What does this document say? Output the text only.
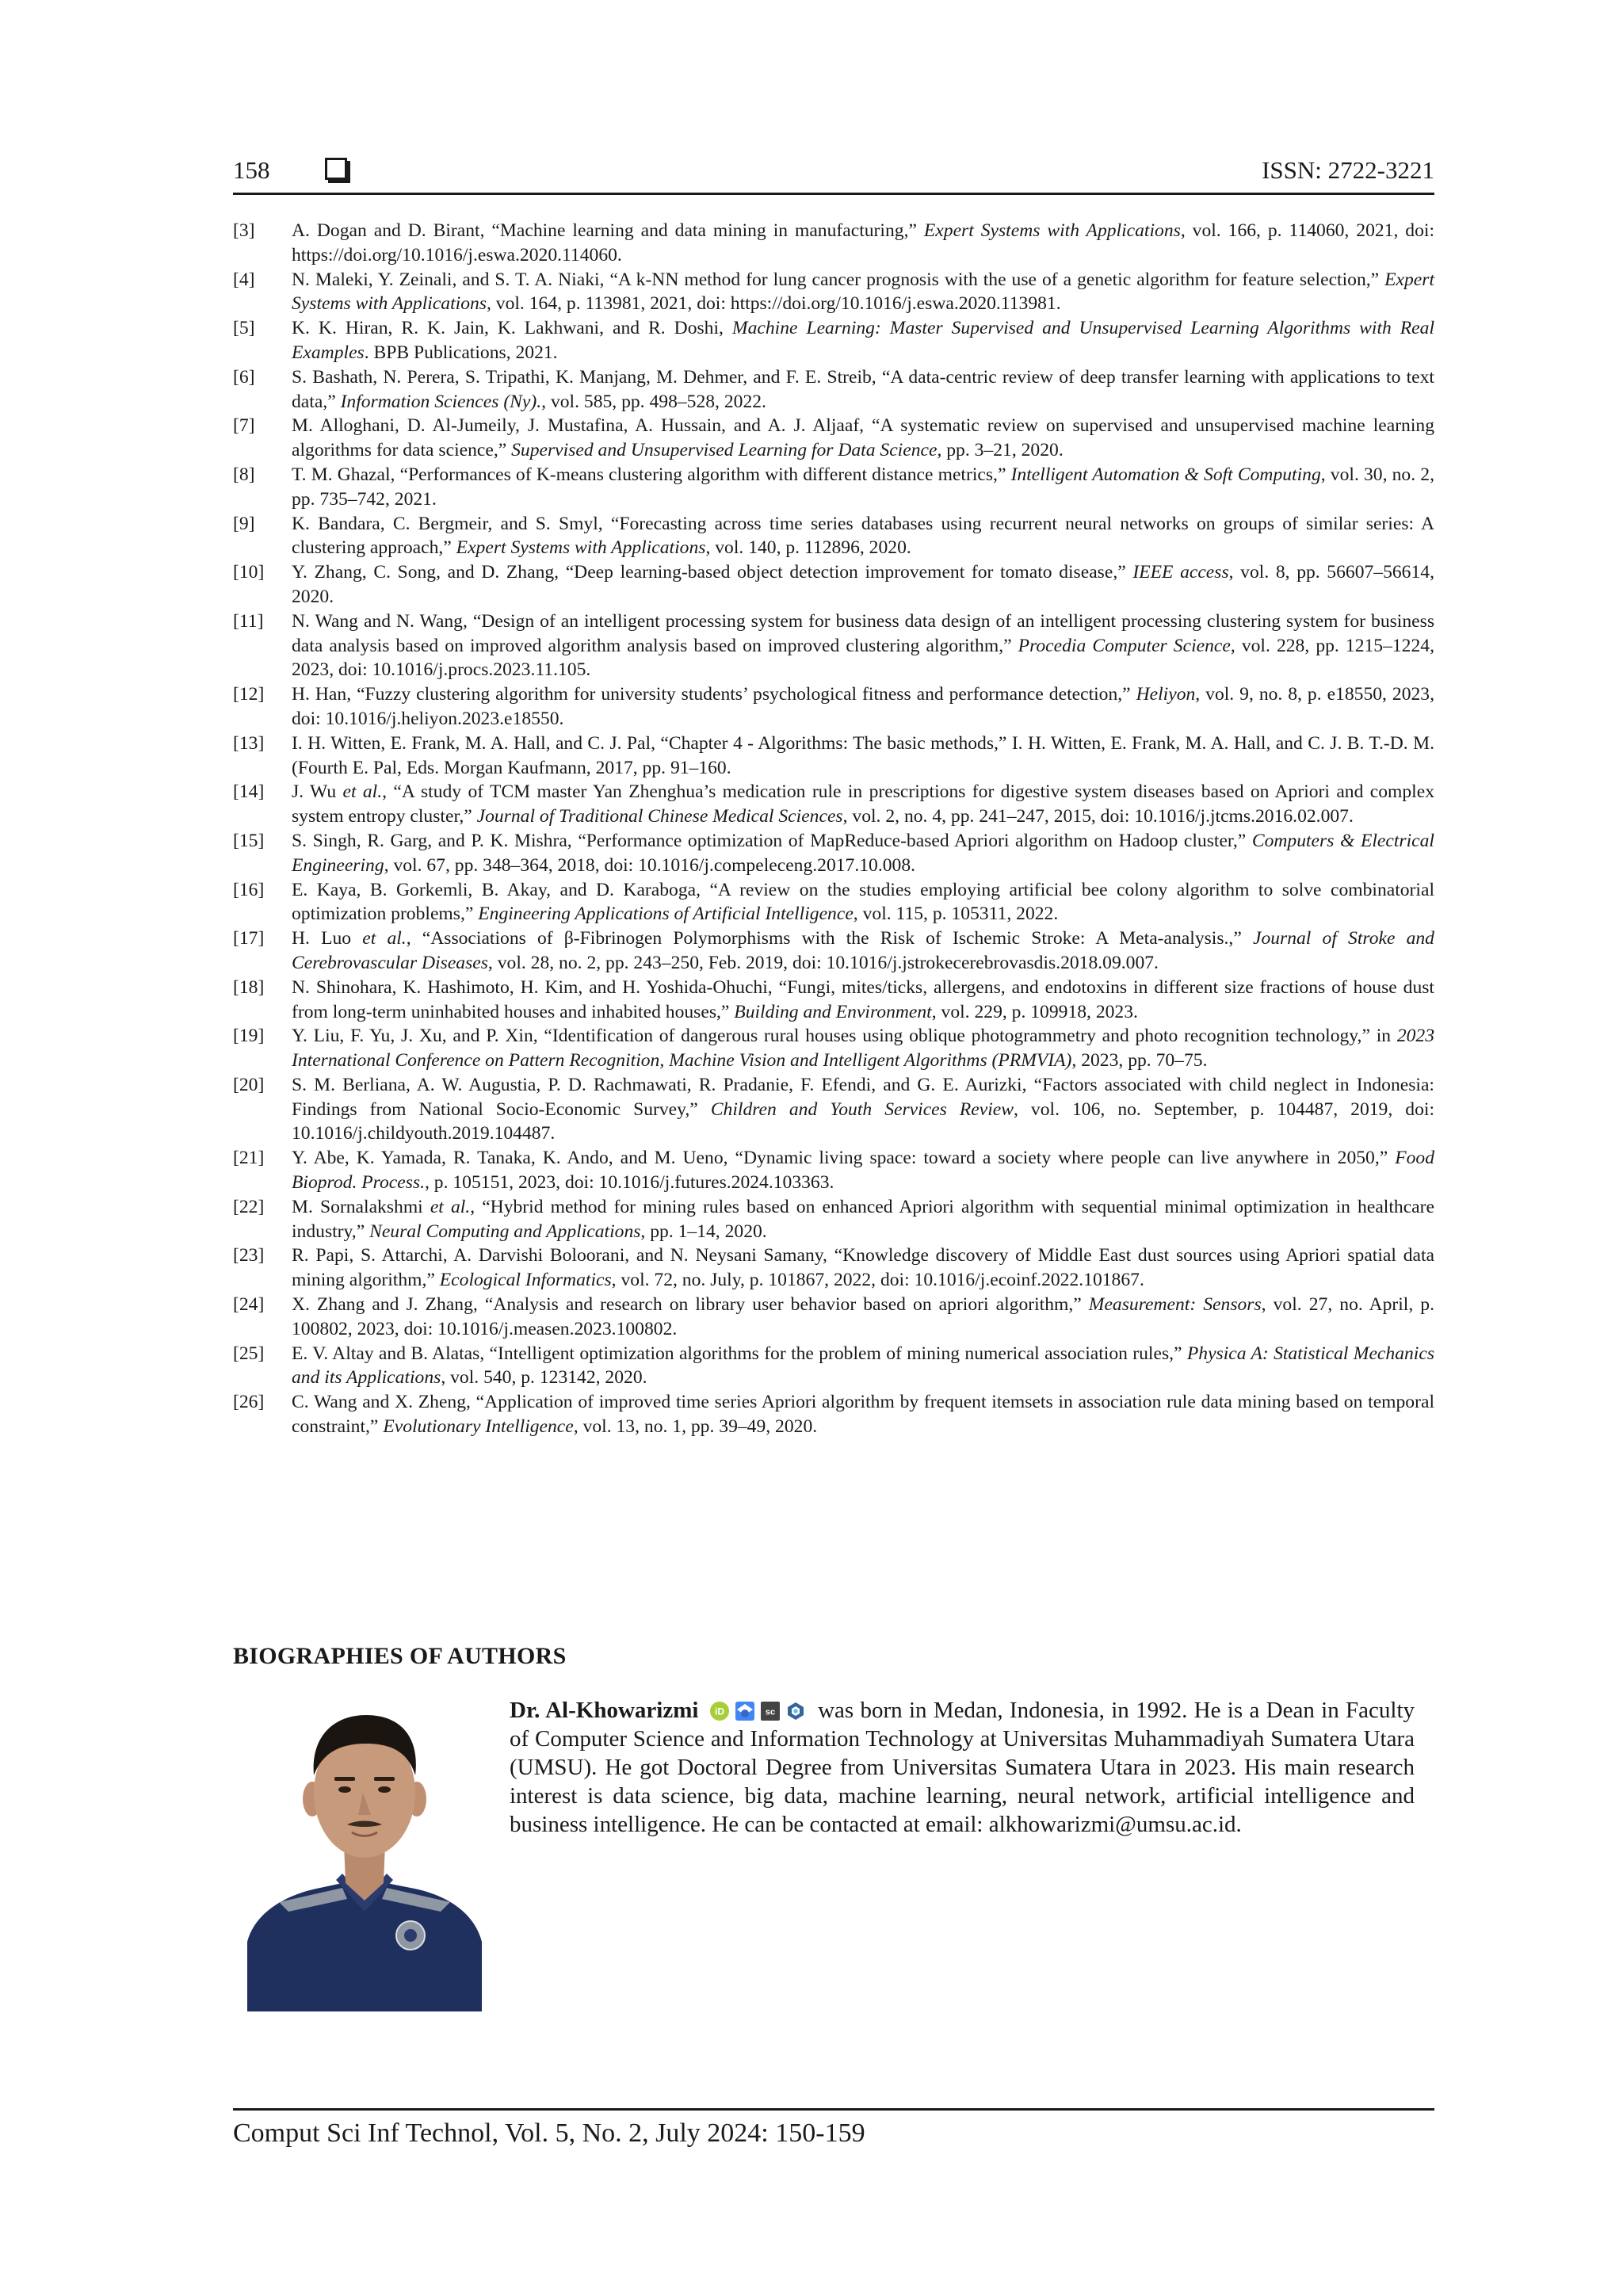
158	ISSN: 2722-3221
[3]	A. Dogan and D. Birant, “Machine learning and data mining in manufacturing,” Expert Systems with Applications, vol. 166, p. 114060, 2021, doi: https://doi.org/10.1016/j.eswa.2020.114060.
[4]	N. Maleki, Y. Zeinali, and S. T. A. Niaki, “A k-NN method for lung cancer prognosis with the use of a genetic algorithm for feature selection,” Expert Systems with Applications, vol. 164, p. 113981, 2021, doi: https://doi.org/10.1016/j.eswa.2020.113981.
[5]	K. K. Hiran, R. K. Jain, K. Lakhwani, and R. Doshi, Machine Learning: Master Supervised and Unsupervised Learning Algorithms with Real Examples. BPB Publications, 2021.
[6]	S. Bashath, N. Perera, S. Tripathi, K. Manjang, M. Dehmer, and F. E. Streib, “A data-centric review of deep transfer learning with applications to text data,” Information Sciences (Ny)., vol. 585, pp. 498–528, 2022.
[7]	M. Alloghani, D. Al-Jumeily, J. Mustafina, A. Hussain, and A. J. Aljaaf, “A systematic review on supervised and unsupervised machine learning algorithms for data science,” Supervised and Unsupervised Learning for Data Science, pp. 3–21, 2020.
[8]	T. M. Ghazal, “Performances of K-means clustering algorithm with different distance metrics,” Intelligent Automation & Soft Computing, vol. 30, no. 2, pp. 735–742, 2021.
[9]	K. Bandara, C. Bergmeir, and S. Smyl, “Forecasting across time series databases using recurrent neural networks on groups of similar series: A clustering approach,” Expert Systems with Applications, vol. 140, p. 112896, 2020.
[10]	Y. Zhang, C. Song, and D. Zhang, “Deep learning-based object detection improvement for tomato disease,” IEEE access, vol. 8, pp. 56607–56614, 2020.
[11]	N. Wang and N. Wang, “Design of an intelligent processing system for business data design of an intelligent processing clustering system for business data analysis based on improved algorithm analysis based on improved clustering algorithm,” Procedia Computer Science, vol. 228, pp. 1215–1224, 2023, doi: 10.1016/j.procs.2023.11.105.
[12]	H. Han, “Fuzzy clustering algorithm for university students’ psychological fitness and performance detection,” Heliyon, vol. 9, no. 8, p. e18550, 2023, doi: 10.1016/j.heliyon.2023.e18550.
[13]	I. H. Witten, E. Frank, M. A. Hall, and C. J. Pal, “Chapter 4 - Algorithms: The basic methods,” I. H. Witten, E. Frank, M. A. Hall, and C. J. B. T.-D. M. (Fourth E. Pal, Eds. Morgan Kaufmann, 2017, pp. 91–160.
[14]	J. Wu et al., “A study of TCM master Yan Zhenghua’s medication rule in prescriptions for digestive system diseases based on Apriori and complex system entropy cluster,” Journal of Traditional Chinese Medical Sciences, vol. 2, no. 4, pp. 241–247, 2015, doi: 10.1016/j.jtcms.2016.02.007.
[15]	S. Singh, R. Garg, and P. K. Mishra, “Performance optimization of MapReduce-based Apriori algorithm on Hadoop cluster,” Computers & Electrical Engineering, vol. 67, pp. 348–364, 2018, doi: 10.1016/j.compeleceng.2017.10.008.
[16]	E. Kaya, B. Gorkemli, B. Akay, and D. Karaboga, “A review on the studies employing artificial bee colony algorithm to solve combinatorial optimization problems,” Engineering Applications of Artificial Intelligence, vol. 115, p. 105311, 2022.
[17]	H. Luo et al., “Associations of β-Fibrinogen Polymorphisms with the Risk of Ischemic Stroke: A Meta-analysis.,” Journal of Stroke and Cerebrovascular Diseases, vol. 28, no. 2, pp. 243–250, Feb. 2019, doi: 10.1016/j.jstrokecerebrovasdis.2018.09.007.
[18]	N. Shinohara, K. Hashimoto, H. Kim, and H. Yoshida-Ohuchi, “Fungi, mites/ticks, allergens, and endotoxins in different size fractions of house dust from long-term uninhabited houses and inhabited houses,” Building and Environment, vol. 229, p. 109918, 2023.
[19]	Y. Liu, F. Yu, J. Xu, and P. Xin, “Identification of dangerous rural houses using oblique photogrammetry and photo recognition technology,” in 2023 International Conference on Pattern Recognition, Machine Vision and Intelligent Algorithms (PRMVIA), 2023, pp. 70–75.
[20]	S. M. Berliana, A. W. Augustia, P. D. Rachmawati, R. Pradanie, F. Efendi, and G. E. Aurizki, “Factors associated with child neglect in Indonesia: Findings from National Socio-Economic Survey,” Children and Youth Services Review, vol. 106, no. September, p. 104487, 2019, doi: 10.1016/j.childyouth.2019.104487.
[21]	Y. Abe, K. Yamada, R. Tanaka, K. Ando, and M. Ueno, “Dynamic living space: toward a society where people can live anywhere in 2050,” Food Bioprod. Process., p. 105151, 2023, doi: 10.1016/j.futures.2024.103363.
[22]	M. Sornalakshmi et al., “Hybrid method for mining rules based on enhanced Apriori algorithm with sequential minimal optimization in healthcare industry,” Neural Computing and Applications, pp. 1–14, 2020.
[23]	R. Papi, S. Attarchi, A. Darvishi Boloorani, and N. Neysani Samany, “Knowledge discovery of Middle East dust sources using Apriori spatial data mining algorithm,” Ecological Informatics, vol. 72, no. July, p. 101867, 2022, doi: 10.1016/j.ecoinf.2022.101867.
[24]	X. Zhang and J. Zhang, “Analysis and research on library user behavior based on apriori algorithm,” Measurement: Sensors, vol. 27, no. April, p. 100802, 2023, doi: 10.1016/j.measen.2023.100802.
[25]	E. V. Altay and B. Alatas, “Intelligent optimization algorithms for the problem of mining numerical association rules,” Physica A: Statistical Mechanics and its Applications, vol. 540, p. 123142, 2020.
[26]	C. Wang and X. Zheng, “Application of improved time series Apriori algorithm by frequent itemsets in association rule data mining based on temporal constraint,” Evolutionary Intelligence, vol. 13, no. 1, pp. 39–49, 2020.
BIOGRAPHIES OF AUTHORS
Dr. Al-Khowarizmi iD	sc was born in Medan, Indonesia, in 1992. He is a Dean in Faculty of Computer Science and Information Technology at Universitas Muhammadiyah Sumatera Utara (UMSU). He got Doctoral Degree from Universitas Sumatera Utara in 2023. His main research interest is data science, big data, machine learning, neural network, artificial intelligence and business intelligence. He can be contacted at email: alkhowarizmi@umsu.ac.id.
Comput Sci Inf Technol, Vol. 5, No. 2, July 2024: 150-159
